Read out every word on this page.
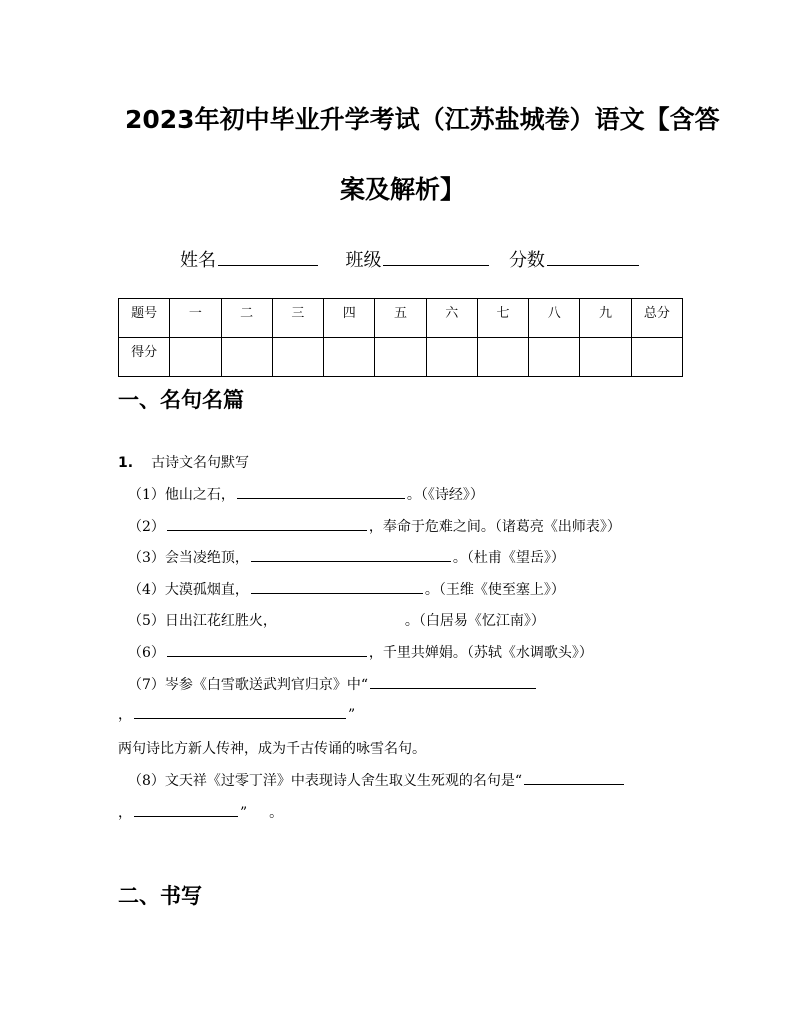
2023年初中毕业升学考试（江苏盐城卷）语文【含答
案及解析】
姓名	班级	分数
题号	一	二	三	四	五	六	七	八	九	总分
得分										
一、名句名篇
1. 古诗文名句默写
（1）他山之石，	。（《诗经》）
（2）	，奉命于危难之间。（诸葛亮《出师表》）
（3）会当凌绝顶，	。（杜甫《望岳》）
（4）大漠孤烟直，	。（王维《使至塞上》）
（5）日出江花红胜火，	。（白居易《忆江南》）
（6）	，千里共婵娟。（苏轼《水调歌头》）
（7）岑参《白雪歌送武判官归京》中“
，	”
两句诗比方新人传神，成为千古传诵的咏雪名句。
（8）文天祥《过零丁洋》中表现诗人舍生取义生死观的名句是“
，	” 。
二、书写
